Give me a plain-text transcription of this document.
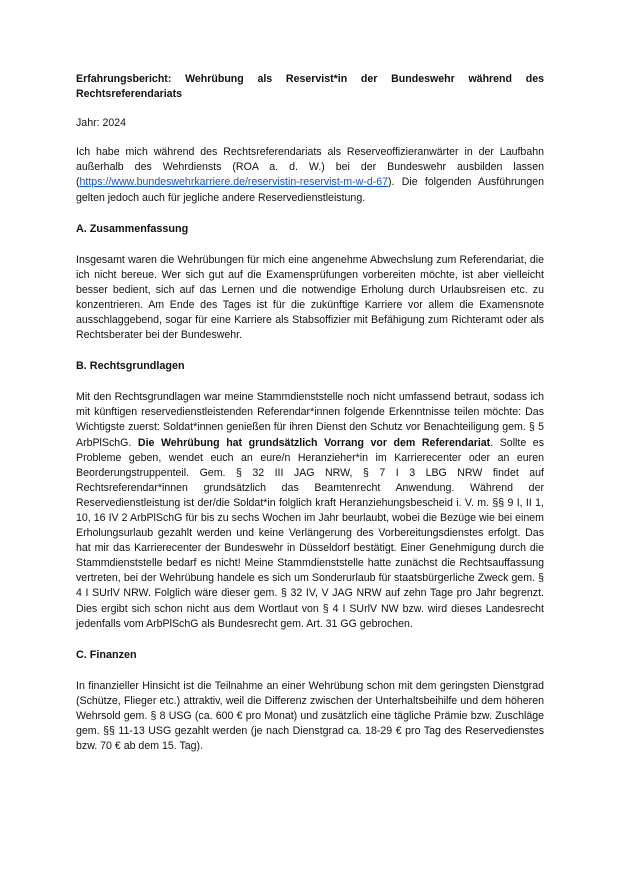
Erfahrungsbericht: Wehrübung als Reservist*in der Bundeswehr während des Rechtsreferendariats

Jahr: 2024

Ich habe mich während des Rechtsreferendariats als Reserveoffizieranwärter in der Laufbahn außerhalb des Wehrdiensts (ROA a. d. W.) bei der Bundeswehr ausbilden lassen (https://www.bundeswehrkarriere.de/reservistin-reservist-m-w-d-67). Die folgenden Ausführungen gelten jedoch auch für jegliche andere Reservedienstleistung.

A. Zusammenfassung

Insgesamt waren die Wehrübungen für mich eine angenehme Abwechslung zum Referendariat, die ich nicht bereue. Wer sich gut auf die Examensprüfungen vorbereiten möchte, ist aber vielleicht besser bedient, sich auf das Lernen und die notwendige Erholung durch Urlaubsreisen etc. zu konzentrieren. Am Ende des Tages ist für die zukünftige Karriere vor allem die Examensnote ausschlaggebend, sogar für eine Karriere als Stabsoffizier mit Befähigung zum Richteramt oder als Rechtsberater bei der Bundeswehr.

B. Rechtsgrundlagen

Mit den Rechtsgrundlagen war meine Stammdienststelle noch nicht umfassend betraut, sodass ich mit künftigen reservedienstleistenden Referendar*innen folgende Erkenntnisse teilen möchte: Das Wichtigste zuerst: Soldat*innen genießen für ihren Dienst den Schutz vor Benachteiligung gem. § 5 ArbPlSchG. Die Wehrübung hat grundsätzlich Vorrang vor dem Referendariat. Sollte es Probleme geben, wendet euch an eure/n Heranzieher*in im Karrierecenter oder an euren Beorderungstruppenteil. Gem. § 32 III JAG NRW, § 7 I 3 LBG NRW findet auf Rechtsreferendar*innen grundsätzlich das Beamtenrecht Anwendung. Während der Reservedienstleistung ist der/die Soldat*in folglich kraft Heranziehungsbescheid i. V. m. §§ 9 I, II 1, 10, 16 IV 2 ArbPlSchG für bis zu sechs Wochen im Jahr beurlaubt, wobei die Bezüge wie bei einem Erholungsurlaub gezahlt werden und keine Verlängerung des Vorbereitungsdienstes erfolgt. Das hat mir das Karrierecenter der Bundeswehr in Düsseldorf bestätigt. Einer Genehmigung durch die Stammdienststelle bedarf es nicht! Meine Stammdienststelle hatte zunächst die Rechtsauffassung vertreten, bei der Wehrübung handele es sich um Sonderurlaub für staatsbürgerliche Zweck gem. § 4 I SUrlV NRW. Folglich wäre dieser gem. § 32 IV, V JAG NRW auf zehn Tage pro Jahr begrenzt. Dies ergibt sich schon nicht aus dem Wortlaut von § 4 I SUrlV NW bzw. wird dieses Landesrecht jedenfalls vom ArbPlSchG als Bundesrecht gem. Art. 31 GG gebrochen.

C. Finanzen

In finanzieller Hinsicht ist die Teilnahme an einer Wehrübung schon mit dem geringsten Dienstgrad (Schütze, Flieger etc.) attraktiv, weil die Differenz zwischen der Unterhaltsbeihilfe und dem höheren Wehrsold gem. § 8 USG (ca. 600 € pro Monat) und zusätzlich eine tägliche Prämie bzw. Zuschläge gem. §§ 11-13 USG gezahlt werden (je nach Dienstgrad ca. 18-29 € pro Tag des Reservedienstes bzw. 70 € ab dem 15. Tag).
